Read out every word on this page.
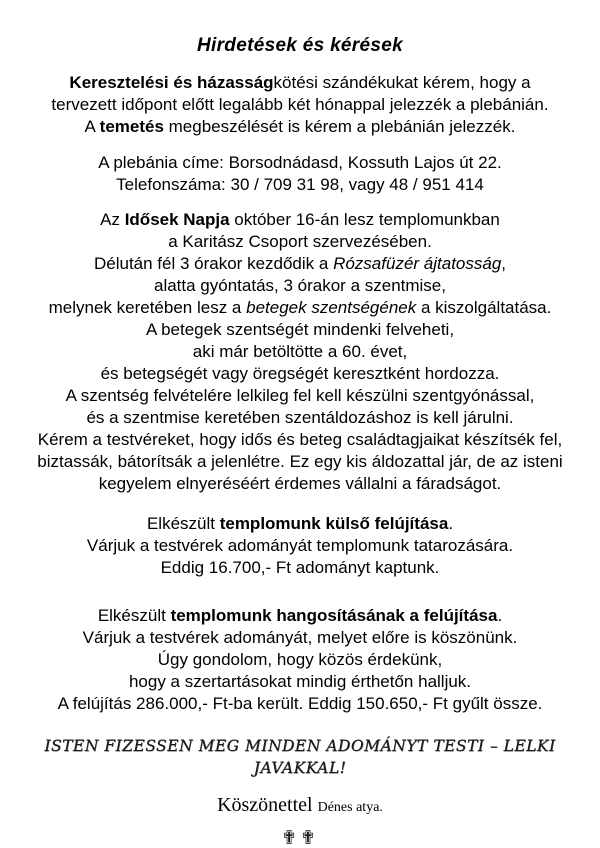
Hirdetések és kérések

Keresztelési és házasságkötési szándékukat kérem, hogy a

tervezett időpont előtt legalább két hónappal jelezzék a plebánián.

A temetés megbeszélését is kérem a plebánián jelezzék.

A plebánia címe: Borsodnádasd, Kossuth Lajos út 22.

Telefonszáma: 30 / 709 31 98, vagy 48 / 951 414

Az Idősek Napja október 16-án lesz templomunkban

a Karitász Csoport szervezésében.

Délután fél 3 órakor kezdődik a Rózsafüzér ájtatosság,

alatta gyóntatás, 3 órakor a szentmise,

melynek keretében lesz a betegek szentségének a kiszolgáltatása.

A betegek szentségét mindenki felveheti,

aki már betöltötte a 60. évet,

és betegségét vagy öregségét keresztként hordozza.

A szentség felvételére lelkileg fel kell készülni szentgyónással,

és a szentmise keretében szentáldozáshoz is kell járulni.

Kérem a testvéreket, hogy idős és beteg családtagjaikat készítsék fel,

biztassák, bátorítsák a jelenlétre. Ez egy kis áldozattal jár, de az isteni

kegyelem elnyeréséért érdemes vállalni a fáradságot.

Elkészült templomunk külső felújítása.

Várjuk a testvérek adományát templomunk tatarozására.

Eddig 16.700,- Ft adományt kaptunk.

Elkészült templomunk hangosításának a felújítása.

Várjuk a testvérek adományát, melyet előre is köszönünk.

Úgy gondolom, hogy közös érdekünk,

hogy a szertartásokat mindig érthetőn halljuk.

A felújítás 286.000,- Ft-ba került. Eddig 150.650,- Ft gyűlt össze.

ISTEN FIZESSEN MEG MINDEN ADOMÁNYT TESTI – LELKI JAVAKKAL!

Köszönettel Dénes atya.

✟✟
